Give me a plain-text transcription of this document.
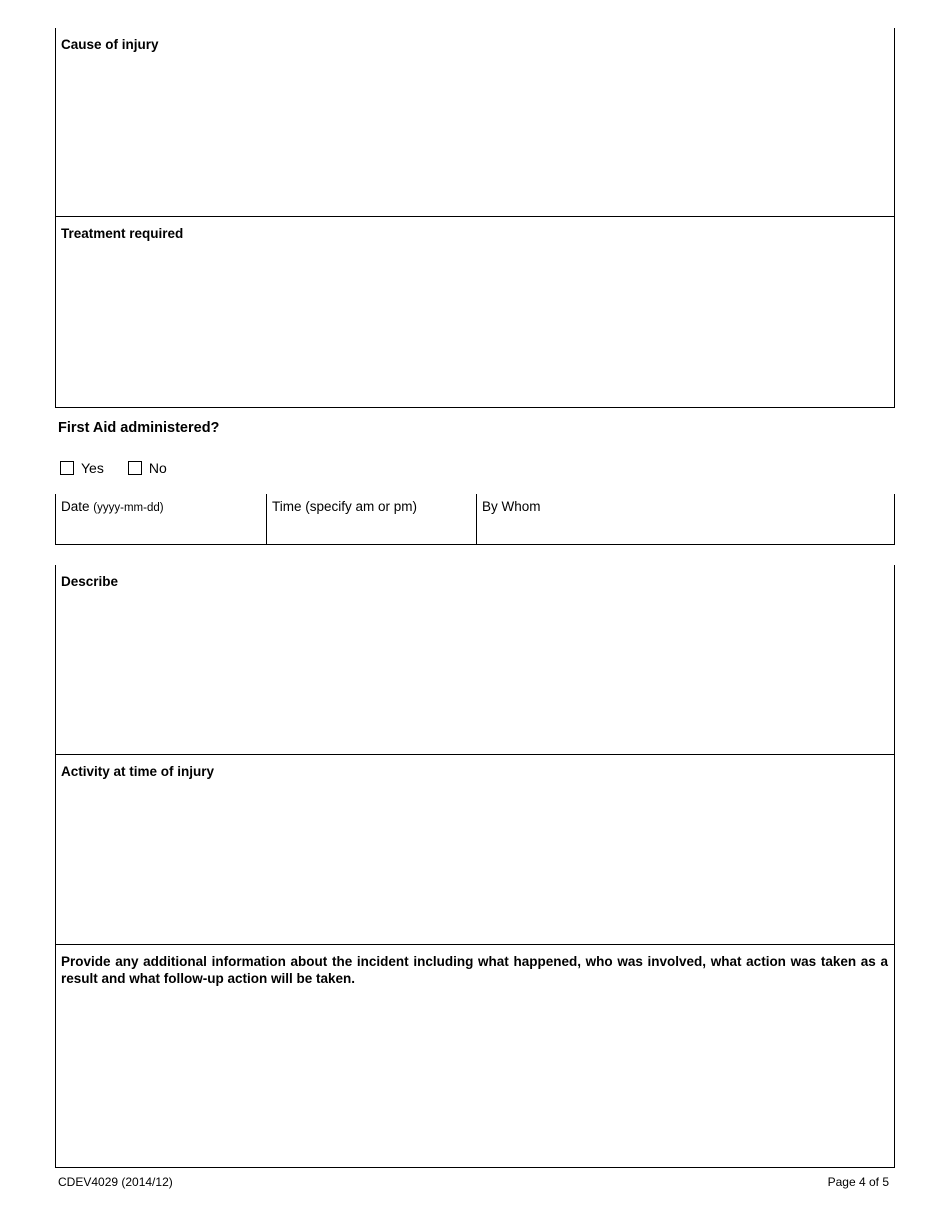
Cause of injury
Treatment required
First Aid administered?
Yes	No
Date (yyyy-mm-dd)	Time (specify am or pm)	By Whom
Describe
Activity at time of injury
Provide any additional information about the incident including what happened, who was involved, what action was taken as a result and what follow-up action will be taken.
CDEV4029 (2014/12)	Page 4 of 5
